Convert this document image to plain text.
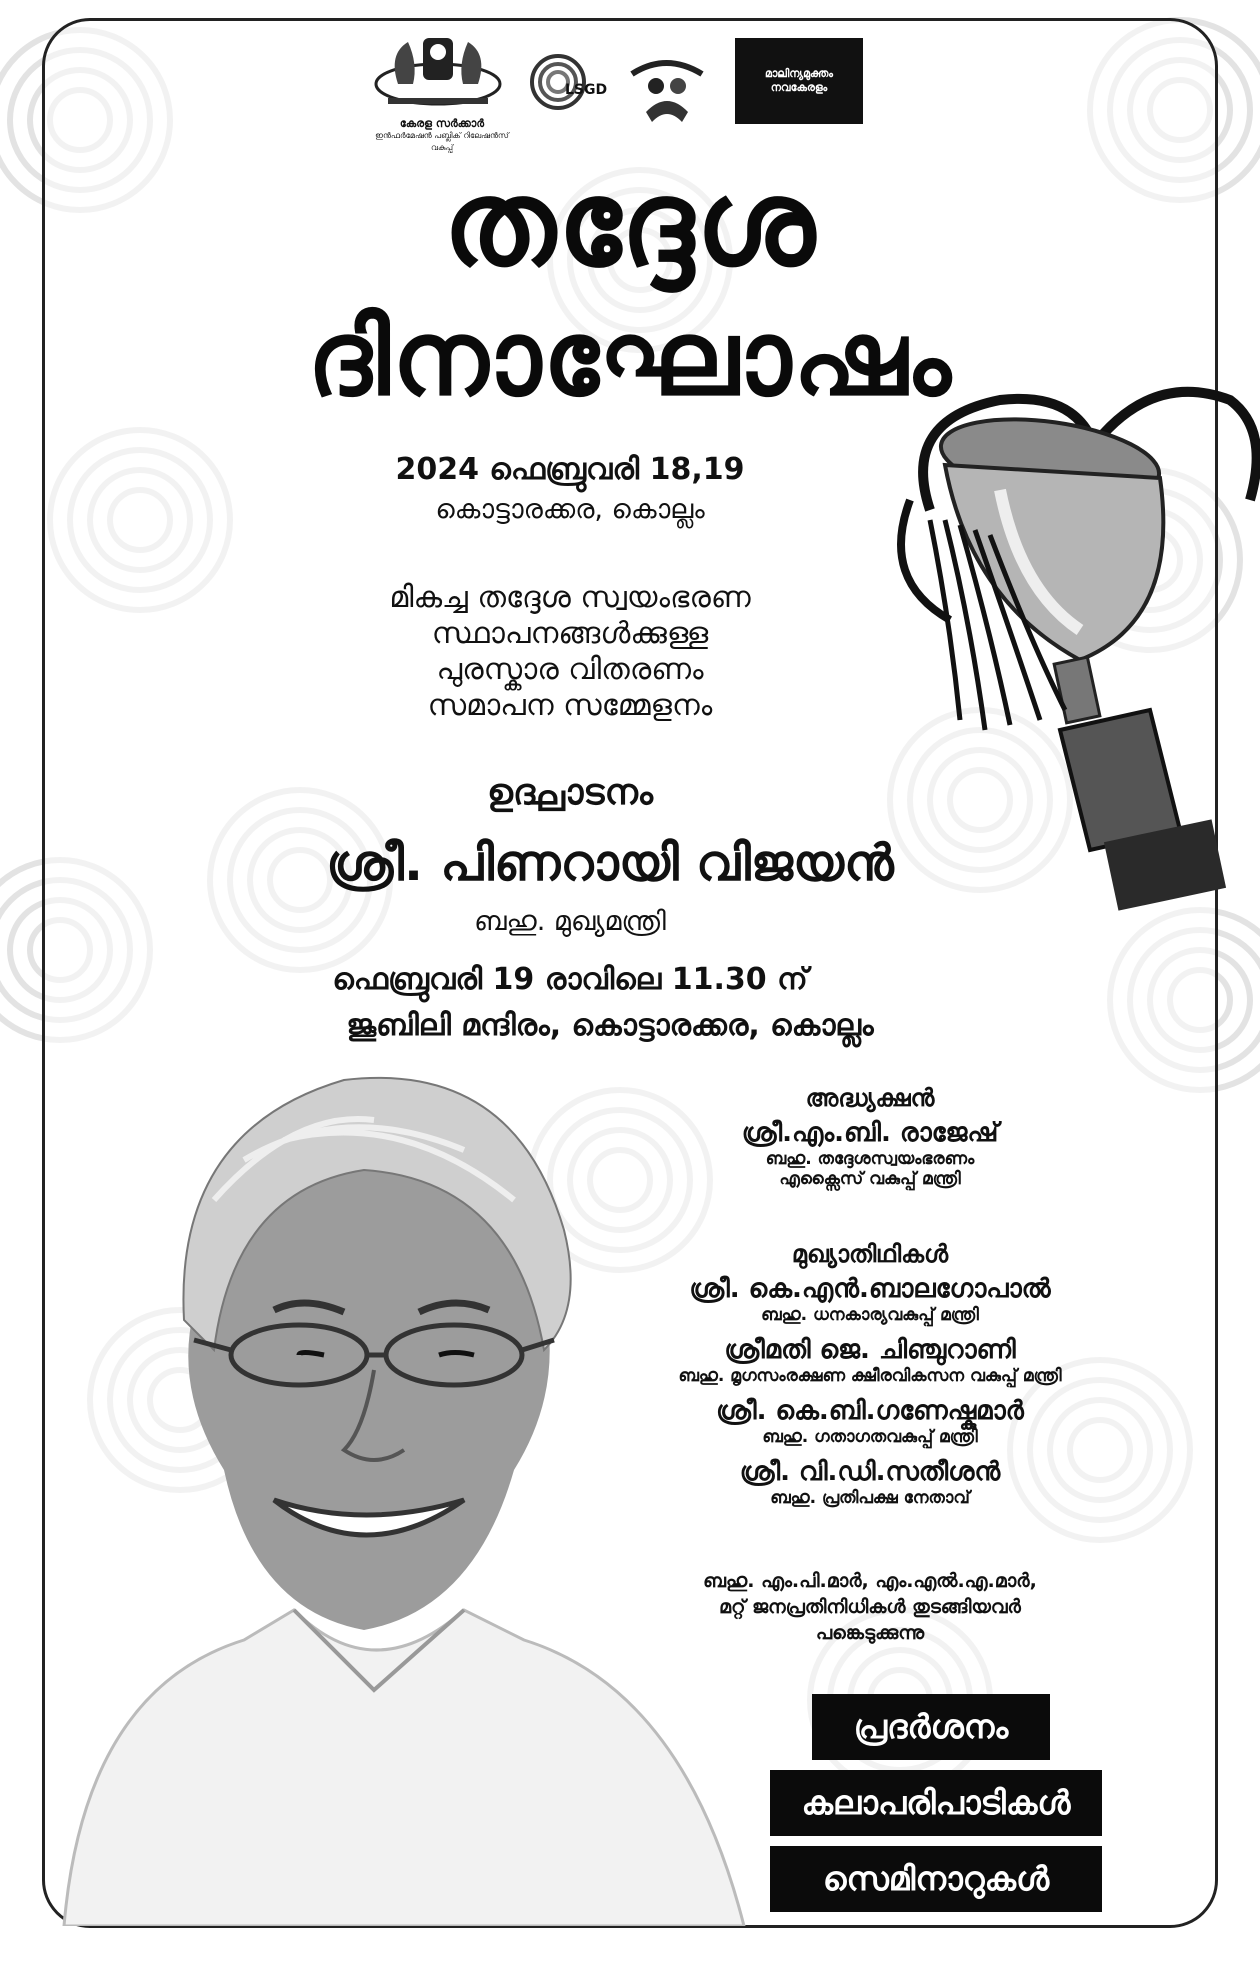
കേരള സർക്കാർ
ഇൻഫർമേഷൻ പബ്ലിക് റിലേഷൻസ് വകുപ്പ്
LSGD
മാലിന്യമുക്തം നവകേരളം
തദ്ദേശ
ദിനാഘോഷം
2024 ഫെബ്രുവരി 18,19
കൊട്ടാരക്കര, കൊല്ലം
മികച്ച തദ്ദേശ സ്വയംഭരണ
സ്ഥാപനങ്ങൾക്കുള്ള
പുരസ്കാര വിതരണം
സമാപന സമ്മേളനം
ഉദ്ഘാടനം
ശ്രീ. പിണറായി വിജയൻ
ബഹു. മുഖ്യമന്ത്രി
ഫെബ്രുവരി 19 രാവിലെ 11.30 ന്
ജൂബിലി മന്ദിരം, കൊട്ടാരക്കര, കൊല്ലം
അദ്ധ്യക്ഷൻ
ശ്രീ.എം.ബി. രാജേഷ്
ബഹു. തദ്ദേശസ്വയംഭരണം
എക്സൈസ് വകുപ്പ് മന്ത്രി
മുഖ്യാതിഥികൾ
ശ്രീ. കെ.എൻ.ബാലഗോപാൽ
ബഹു. ധനകാര്യവകുപ്പ് മന്ത്രി
ശ്രീമതി ജെ. ചിഞ്ചുറാണി
ബഹു. മൃഗസംരക്ഷണ ക്ഷീരവികസന വകുപ്പ് മന്ത്രി
ശ്രീ. കെ.ബി.ഗണേഷ്കുമാർ
ബഹു. ഗതാഗതവകുപ്പ് മന്ത്രി
ശ്രീ. വി.ഡി.സതീശൻ
ബഹു. പ്രതിപക്ഷ നേതാവ്
ബഹു. എം.പി.മാർ, എം.എൽ.എ.മാർ,
മറ്റ് ജനപ്രതിനിധികൾ തുടങ്ങിയവർ
പങ്കെടുക്കുന്നു
പ്രദർശനം
കലാപരിപാടികൾ
സെമിനാറുകൾ
